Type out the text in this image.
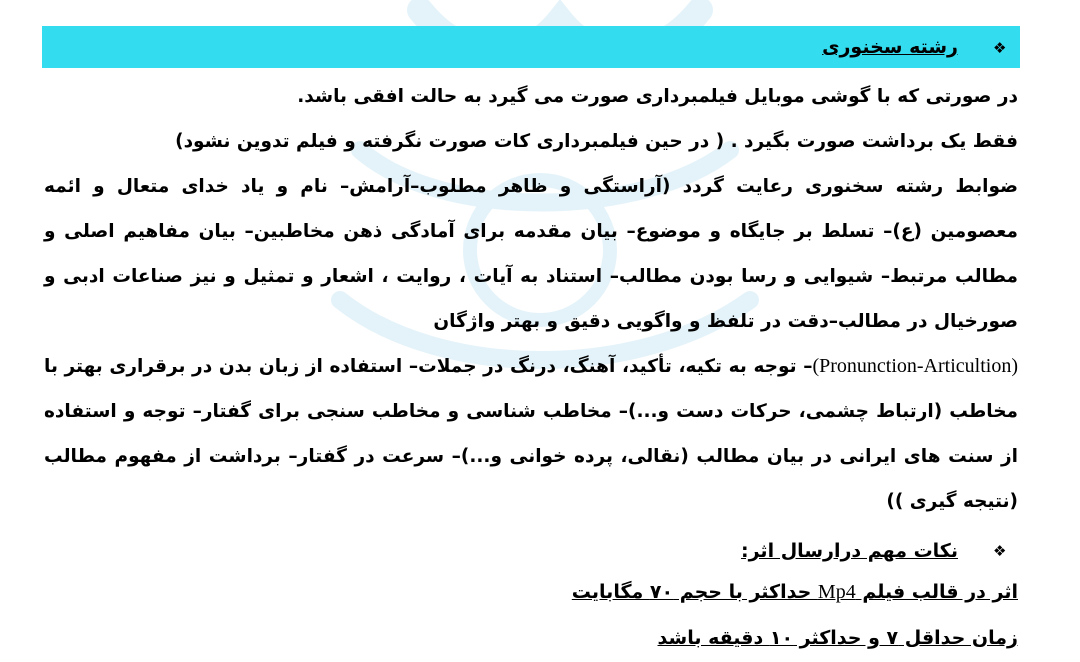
❖
رشته سخنوری

در صورتی که با گوشی موبایل فیلمبرداری صورت می گیرد به حالت افقی باشد.

فقط یک برداشت صورت بگیرد . ( در حین فیلمبرداری کات صورت نگرفته و فیلم تدوین نشود)

ضوابط رشته سخنوری رعایت گردد (آراستگی و ظاهر مطلوب–آرامش– نام و یاد خدای متعال و ائمه معصومین (ع)– تسلط بر جایگاه و موضوع– بیان مقدمه برای آمادگی ذهن مخاطبین– بیان مفاهیم اصلی و مطالب مرتبط– شیوایی و رسا بودن مطالب– استناد به آیات ، روایت ، اشعار و تمثیل و نیز صناعات ادبی و صورخیال در مطالب–دقت در تلفظ و واگویی دقیق و بهتر واژگان

(Pronunction-Articultion)– توجه به تکیه، تأکید، آهنگ، درنگ در جملات– استفاده از زبان بدن در برقراری بهتر با مخاطب (ارتباط چشمی، حرکات دست و...)– مخاطب شناسی و مخاطب سنجی برای گفتار– توجه و استفاده از سنت های ایرانی در بیان مطالب (نقالی، پرده خوانی و...)– سرعت در گفتار– برداشت از مفهوم مطالب (نتیجه گیری ))

❖
نکات مهم درارسال اثر:
اثر در قالب فیلم Mp4 حداکثر با حجم ۷۰ مگابایت
زمان حداقل ۷ و حداکثر ۱۰ دقیقه باشد
